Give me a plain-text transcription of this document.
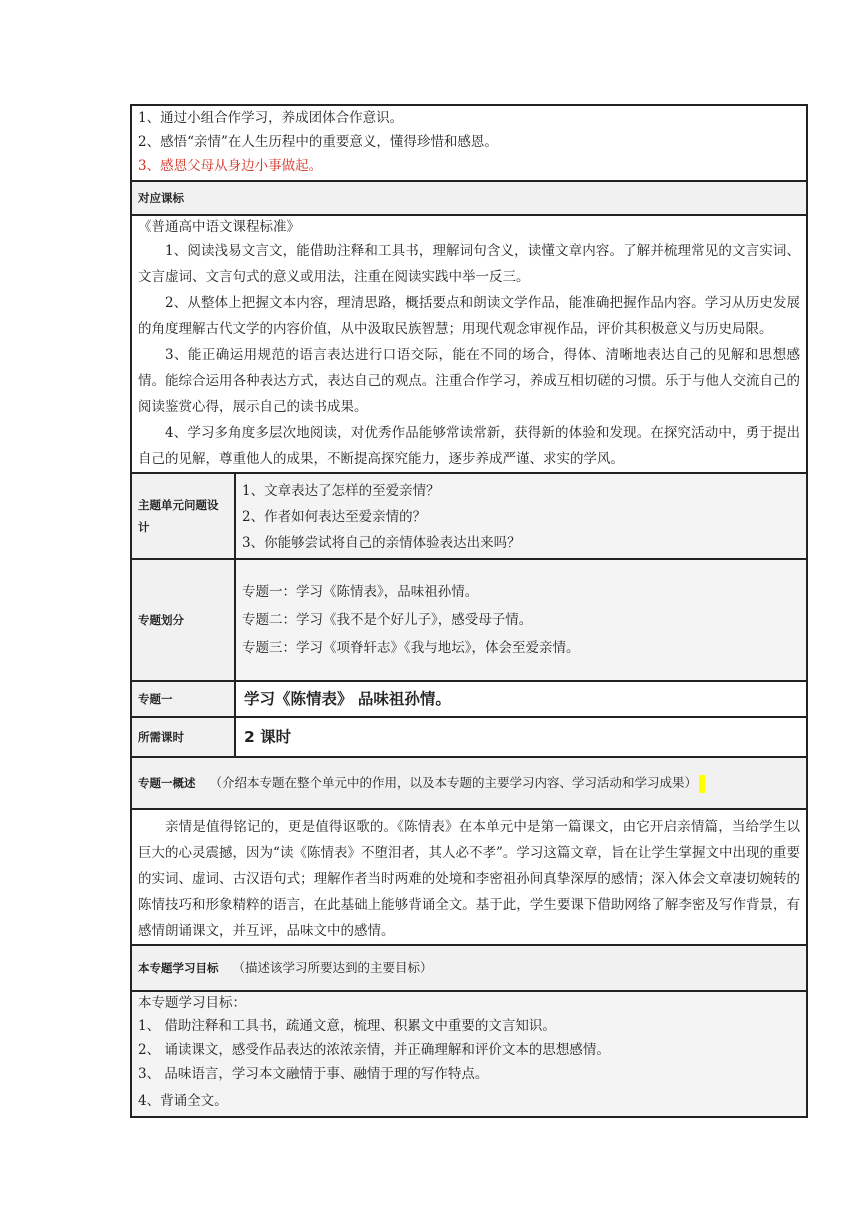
1、通过小组合作学习，养成团体合作意识。
2、感悟“亲情”在人生历程中的重要意义，懂得珍惜和感恩。
3、感恩父母从身边小事做起。	

对应课标	

《普通高中语文课程标准》
1、阅读浅易文言文，能借助注释和工具书，理解词句含义，读懂文章内容。了解并梳理常见的文言实词、文言虚词、文言句式的意义或用法，注重在阅读实践中举一反三。
2、从整体上把握文本内容，理清思路，概括要点和朗读文学作品，能准确把握作品内容。学习从历史发展的角度理解古代文学的内容价值，从中汲取民族智慧；用现代观念审视作品，评价其积极意义与历史局限。
3、能正确运用规范的语言表达进行口语交际，能在不同的场合，得体、清晰地表达自己的见解和思想感情。能综合运用各种表达方式，表达自己的观点。注重合作学习，养成互相切磋的习惯。乐于与他人交流自己的阅读鉴赏心得，展示自己的读书成果。
4、学习多角度多层次地阅读，对优秀作品能够常读常新，获得新的体验和发现。在探究活动中，勇于提出自己的见解，尊重他人的成果，不断提高探究能力，逐步养成严谨、求实的学风。	

主题单元问题设计	1、文章表达了怎样的至爱亲情？
2、作者如何表达至爱亲情的？
3、你能够尝试将自己的亲情体验表达出来吗？

专题划分	专题一：学习《陈情表》，品味祖孙情。
专题二：学习《我不是个好儿子》，感受母子情。
专题三：学习《项脊轩志》《我与地坛》，体会至爱亲情。

专题一	学习《陈情表》 品味祖孙情。
所需课时	2 课时
专题一概述 （介绍本专题在整个单元中的作用，以及本专题的主要学习内容、学习活动和学习成果）	

亲情是值得铭记的，更是值得讴歌的。《陈情表》在本单元中是第一篇课文，由它开启亲情篇，当给学生以巨大的心灵震撼，因为“读《陈情表》不堕泪者，其人必不孝”。学习这篇文章，旨在让学生掌握文中出现的重要的实词、虚词、古汉语句式；理解作者当时两难的处境和李密祖孙间真挚深厚的感情；深入体会文章凄切婉转的陈情技巧和形象精粹的语言，在此基础上能够背诵全文。基于此，学生要课下借助网络了解李密及写作背景，有感情朗诵课文，并互评，品味文中的感情。	

本专题学习目标 （描述该学习所要达到的主要目标）	

本专题学习目标：
1、 借助注释和工具书，疏通文意，梳理、积累文中重要的文言知识。
2、 诵读课文，感受作品表达的浓浓亲情，并正确理解和评价文本的思想感情。
3、 品味语言，学习本文融情于事、融情于理的写作特点。
4、背诵全文。	
